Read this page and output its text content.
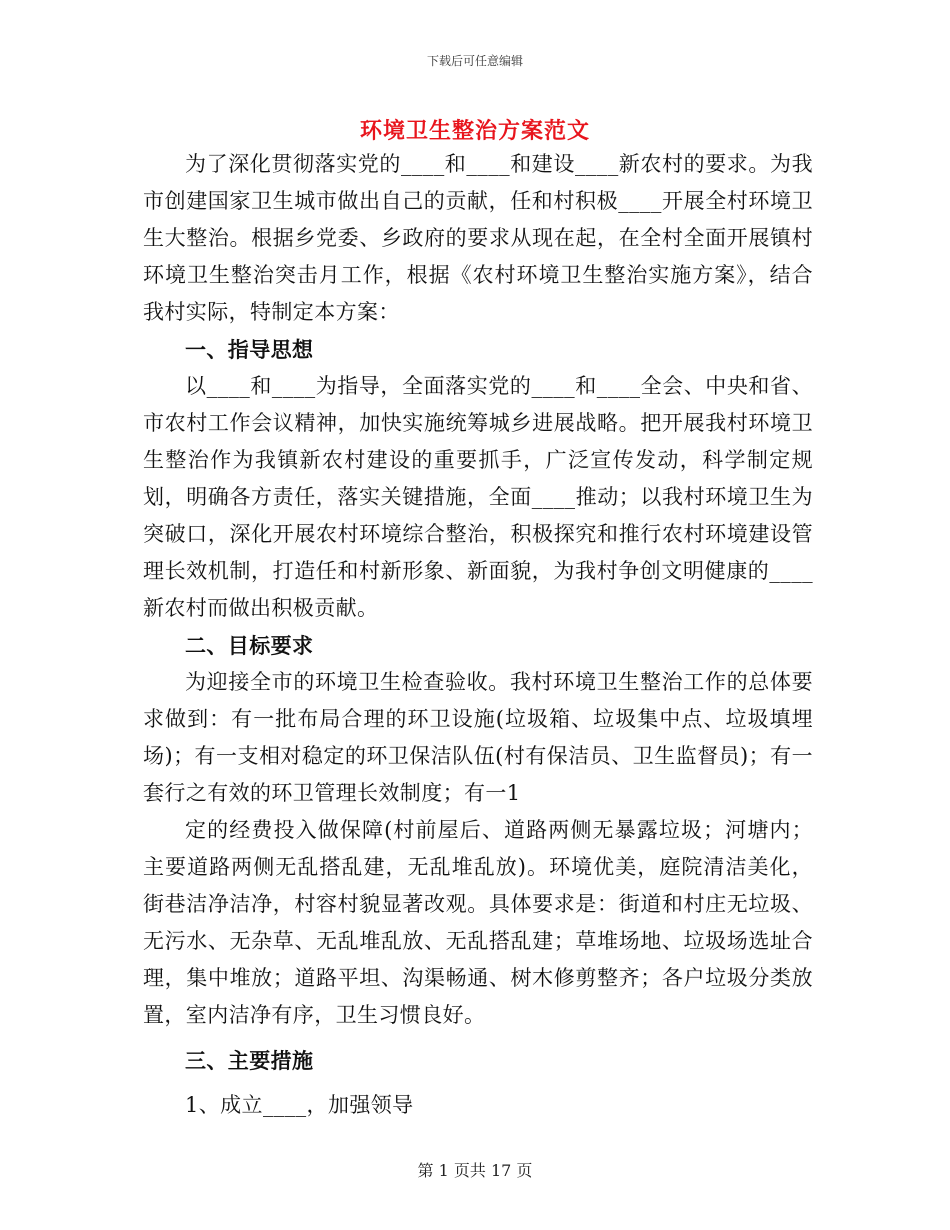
下载后可任意编辑
环境卫生整治方案范文

为了深化贯彻落实党的____和____和建设____新农村的要求。为我市创建国家卫生城市做出自己的贡献，任和村积极____开展全村环境卫生大整治。根据乡党委、乡政府的要求从现在起，在全村全面开展镇村环境卫生整治突击月工作，根据《农村环境卫生整治实施方案》，结合我村实际，特制定本方案：

一、指导思想

以____和____为指导，全面落实党的____和____全会、中央和省、市农村工作会议精神，加快实施统筹城乡进展战略。把开展我村环境卫生整治作为我镇新农村建设的重要抓手，广泛宣传发动，科学制定规划，明确各方责任，落实关键措施，全面____推动；以我村环境卫生为突破口，深化开展农村环境综合整治，积极探究和推行农村环境建设管理长效机制，打造任和村新形象、新面貌，为我村争创文明健康的____新农村而做出积极贡献。

二、目标要求

为迎接全市的环境卫生检查验收。我村环境卫生整治工作的总体要求做到：有一批布局合理的环卫设施(垃圾箱、垃圾集中点、垃圾填埋场)；有一支相对稳定的环卫保洁队伍(村有保洁员、卫生监督员)；有一套行之有效的环卫管理长效制度；有一1

定的经费投入做保障(村前屋后、道路两侧无暴露垃圾；河塘内；主要道路两侧无乱搭乱建，无乱堆乱放)。环境优美，庭院清洁美化，街巷洁净洁净，村容村貌显著改观。具体要求是：街道和村庄无垃圾、无污水、无杂草、无乱堆乱放、无乱搭乱建；草堆场地、垃圾场选址合理，集中堆放；道路平坦、沟渠畅通、树木修剪整齐；各户垃圾分类放置，室内洁净有序，卫生习惯良好。

三、主要措施

1、成立____，加强领导

第 1 页共 17 页
